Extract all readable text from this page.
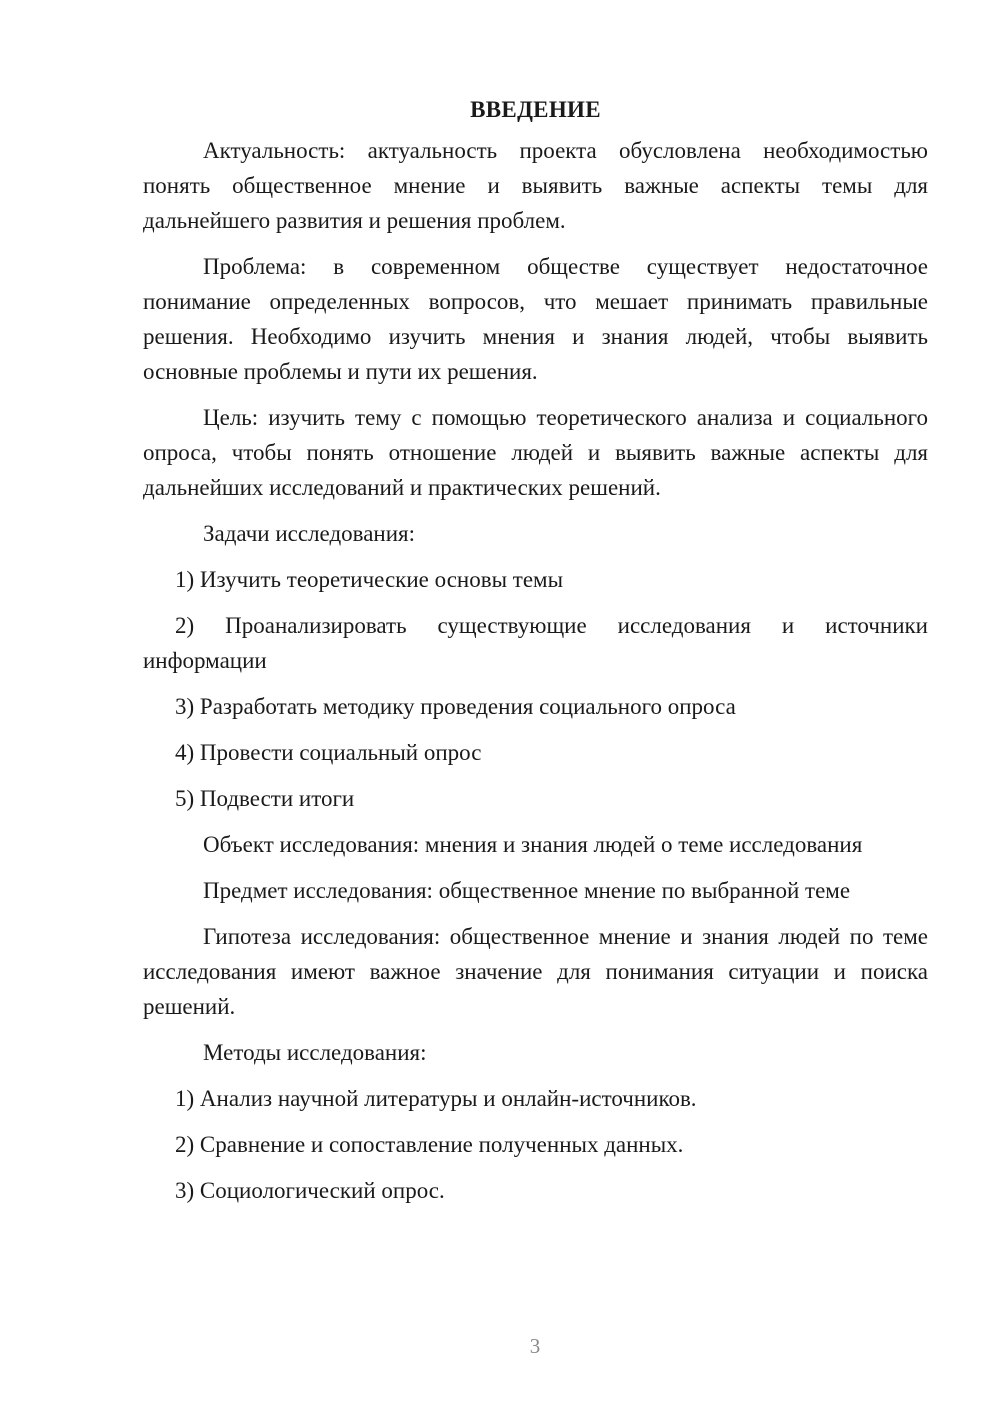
ВВЕДЕНИЕ

Актуальность: актуальность проекта обусловлена необходимостью понять общественное мнение и выявить важные аспекты темы для дальнейшего развития и решения проблем.

Проблема: в современном обществе существует недостаточное понимание определенных вопросов, что мешает принимать правильные решения. Необходимо изучить мнения и знания людей, чтобы выявить основные проблемы и пути их решения.

Цель: изучить тему с помощью теоретического анализа и социального опроса, чтобы понять отношение людей и выявить важные аспекты для дальнейших исследований и практических решений.

Задачи исследования:

1) Изучить теоретические основы темы

2) Проанализировать существующие исследования и источники информации

3) Разработать методику проведения социального опроса

4) Провести социальный опрос

5) Подвести итоги

Объект исследования: мнения и знания людей о теме исследования

Предмет исследования: общественное мнение по выбранной теме

Гипотеза исследования: общественное мнение и знания людей по теме исследования имеют важное значение для понимания ситуации и поиска решений.

Методы исследования:

1) Анализ научной литературы и онлайн-источников.

2) Сравнение и сопоставление полученных данных.

3) Социологический опрос.

3
